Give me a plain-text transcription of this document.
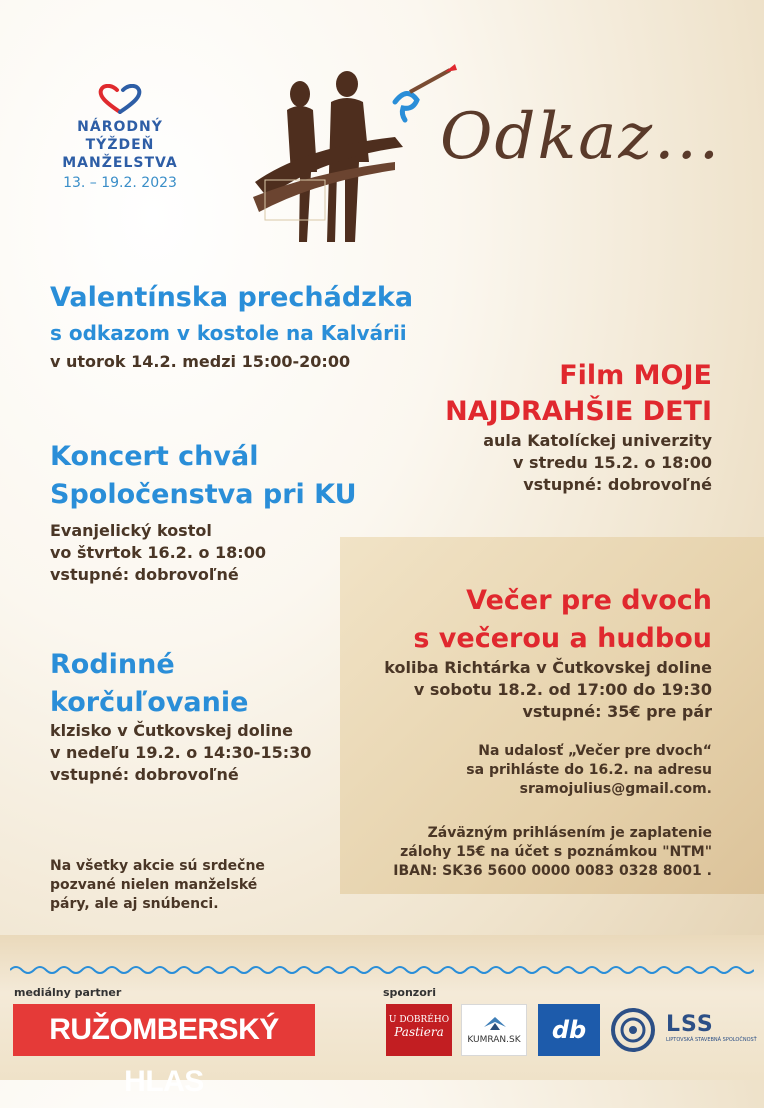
NÁRODNÝ TÝŽDEŇ
MANŽELSTVA
13. – 19.2. 2023
Odkaz...
Valentínska prechádzka
s odkazom v kostole na Kalvárii
v utorok 14.2. medzi 15:00-20:00
Koncert chvál
Spoločenstva pri KU
Evanjelický kostol
vo štvrtok 16.2. o 18:00
vstupné: dobrovoľné
Rodinné
korčuľovanie
klzisko v Čutkovskej doline
v nedeľu 19.2. o 14:30-15:30
vstupné: dobrovoľné
Na všetky akcie sú srdečne
pozvané nielen manželské
páry, ale aj snúbenci.
Film MOJE
NAJDRAHŠIE DETI
aula Katolíckej univerzity
v stredu 15.2. o 18:00
vstupné: dobrovoľné
Večer pre dvoch
s večerou a hudbou
koliba Richtárka v Čutkovskej doline
v sobotu 18.2. od 17:00 do 19:30
vstupné: 35€ pre pár
Na udalosť „Večer pre dvoch“
sa prihláste do 16.2. na adresu
sramojulius@gmail.com.
Záväzným prihlásením je zaplatenie
zálohy 15€ na účet s poznámkou "NTM"
IBAN: SK36 5600 0000 0083 0328 8001 .
mediálny partner	sponzori
RUŽOMBERSKÝ HLAS
U DOBRÉHO
Pastiera
KUMRAN.SK	db	LSS
LIPTOVSKÁ STAVEBNÁ SPOLOČNOSŤ
